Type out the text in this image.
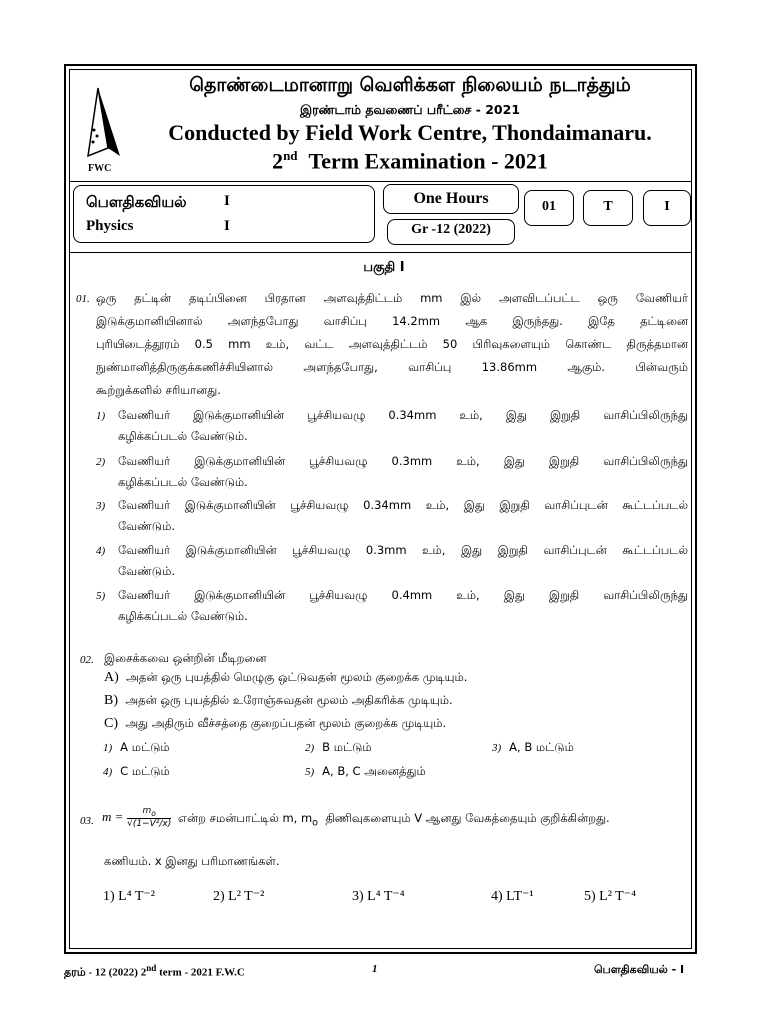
FWC
தொண்டைமானாறு வெளிக்கள நிலையம் நடாத்தும்
இரண்டாம் தவணைப் பரீட்சை - 2021
Conducted by Field Work Centre, Thondaimanaru.
2nd Term Examination - 2021
பௌதிகவியல் I
Physics	I
One Hours
Gr -12 (2022)
01	T	I
பகுதி I
01. ஒரு தட்டின் தடிப்பினை பிரதான அளவுத்திட்டம் mm இல் அளவிடப்பட்ட ஒரு வேணியர்
இடுக்குமானியினால் அளந்தபோது வாசிப்பு 14.2mm ஆக இருந்தது. இதே தட்டினை
புரியிடைத்தூரம் 0.5 mm உம், வட்ட அளவுத்திட்டம் 50 பிரிவுகளையும் கொண்ட திருத்தமான
நுண்மானித்திருகுக்கணிச்சியினால் அளந்தபோது, வாசிப்பு 13.86mm ஆகும். பின்வரும்
கூற்றுக்களில் சரியானது.
1) வேணியர் இடுக்குமானியின் பூச்சியவழு 0.34mm உம், இது இறுதி வாசிப்பிலிருந்து
கழிக்கப்படல் வேண்டும்.
2) வேணியர் இடுக்குமானியின் பூச்சியவழு 0.3mm உம், இது இறுதி வாசிப்பிலிருந்து
கழிக்கப்படல் வேண்டும்.
3) வேணியர் இடுக்குமானியின் பூச்சியவழு 0.34mm உம், இது இறுதி வாசிப்புடன் கூட்டப்படல்
வேண்டும்.
4) வேணியர் இடுக்குமானியின் பூச்சியவழு 0.3mm உம், இது இறுதி வாசிப்புடன் கூட்டப்படல்
வேண்டும்.
5) வேணியர் இடுக்குமானியின் பூச்சியவழு 0.4mm உம், இது இறுதி வாசிப்பிலிருந்து
கழிக்கப்படல் வேண்டும்.
02. இசைக்கவை ஒன்றின் மீடிறனை
A) அதன் ஒரு புயத்தில் மெழுகு ஒட்டுவதன் மூலம் குறைக்க முடியும்.
B) அதன் ஒரு புயத்தில் உரோஞ்சுவதன் மூலம் அதிகரிக்க முடியும்.
C) அது அதிரும் வீச்சத்தை குறைப்பதன் மூலம் குறைக்க முடியும்.
1) A மட்டும்	2) B மட்டும்	3) A, B மட்டும்
4) C மட்டும்	5) A, B, C அனைத்தும்
03. $m = \frac{m_o}{\text{√(1−V²/x)}}$ என்ற சமன்பாட்டில் m, $m_o$ திணிவுகளையும் V ஆனது வேகத்தையும் குறிக்கின்றது.
கணியம். x இனது பரிமாணங்கள்.
1) L⁴ T⁻²	2) L² T⁻²	3) L⁴ T⁻⁴	4) LT⁻¹	5) L² T⁻⁴
தரம் - 12 (2022) 2nd term - 2021 F.W.C	1	பௌதிகவியல் - I
